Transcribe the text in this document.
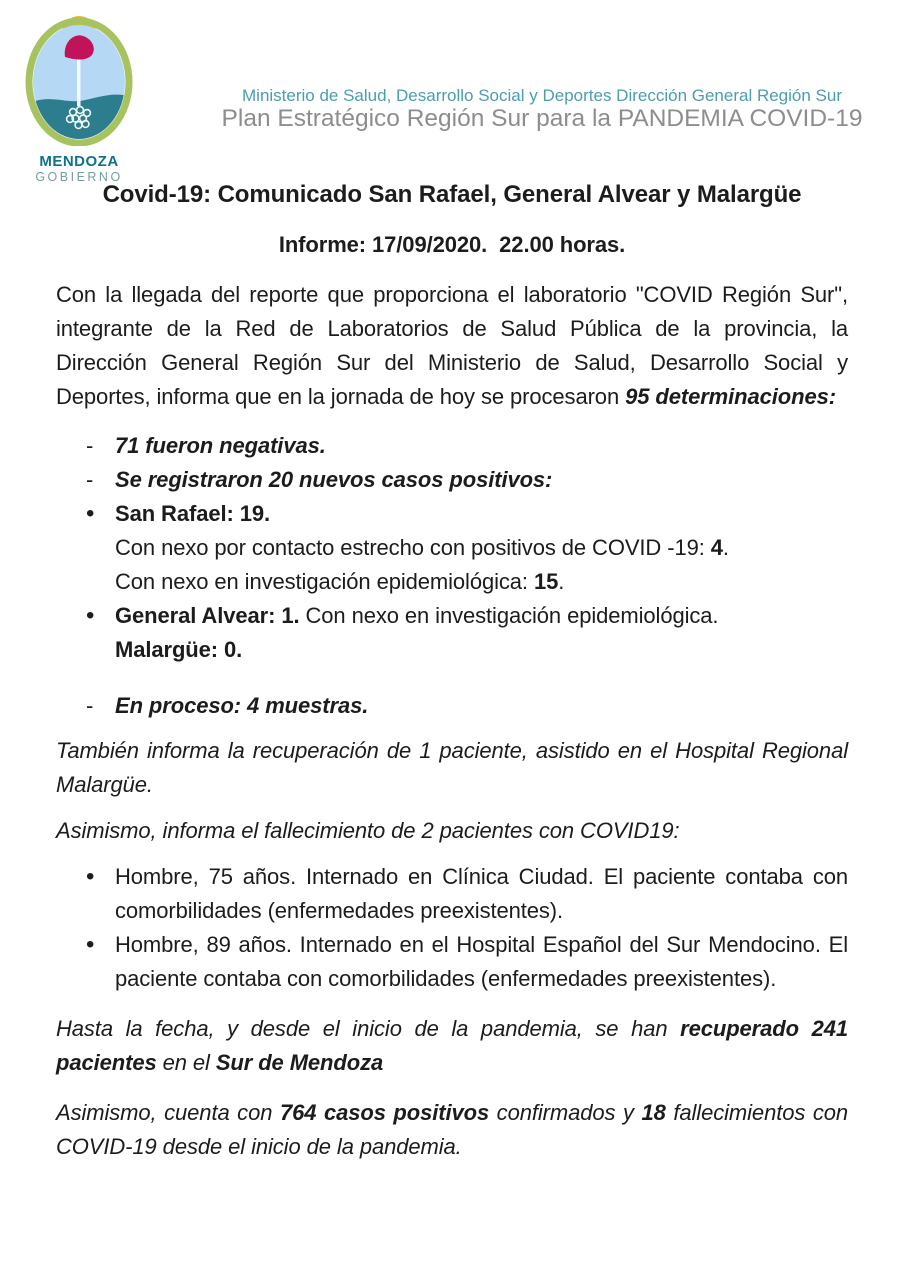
MENDOZA
GOBIERNO
Ministerio de Salud, Desarrollo Social y Deportes Dirección General Región Sur
Plan Estratégico Región Sur para la PANDEMIA COVID-19
Covid-19: Comunicado San Rafael, General Alvear y Malargüe

Informe: 17/09/2020.  22.00 horas.

Con la llegada del reporte que proporciona el laboratorio "COVID Región Sur", integrante de la Red de Laboratorios de Salud Pública de la provincia, la Dirección General Región Sur del Ministerio de Salud, Desarrollo Social y Deportes, informa que en la jornada de hoy se procesaron 95 determinaciones:

- 71 fueron negativas.
- Se registraron 20 nuevos casos positivos:
• San Rafael: 19.
Con nexo por contacto estrecho con positivos de COVID -19: 4.
Con nexo en investigación epidemiológica: 15.
• General Alvear: 1. Con nexo en investigación epidemiológica.
Malargüe: 0.
- En proceso: 4 muestras.

También informa la recuperación de 1 paciente, asistido en el Hospital Regional Malargüe.

Asimismo, informa el fallecimiento de 2 pacientes con COVID19:

• Hombre, 75 años. Internado en Clínica Ciudad. El paciente contaba con comorbilidades (enfermedades preexistentes).
• Hombre, 89 años. Internado en el Hospital Español del Sur Mendocino. El paciente contaba con comorbilidades (enfermedades preexistentes).

Hasta la fecha, y desde el inicio de la pandemia, se han recuperado 241 pacientes en el Sur de Mendoza

Asimismo, cuenta con 764 casos positivos confirmados y 18 fallecimientos con COVID-19 desde el inicio de la pandemia.
